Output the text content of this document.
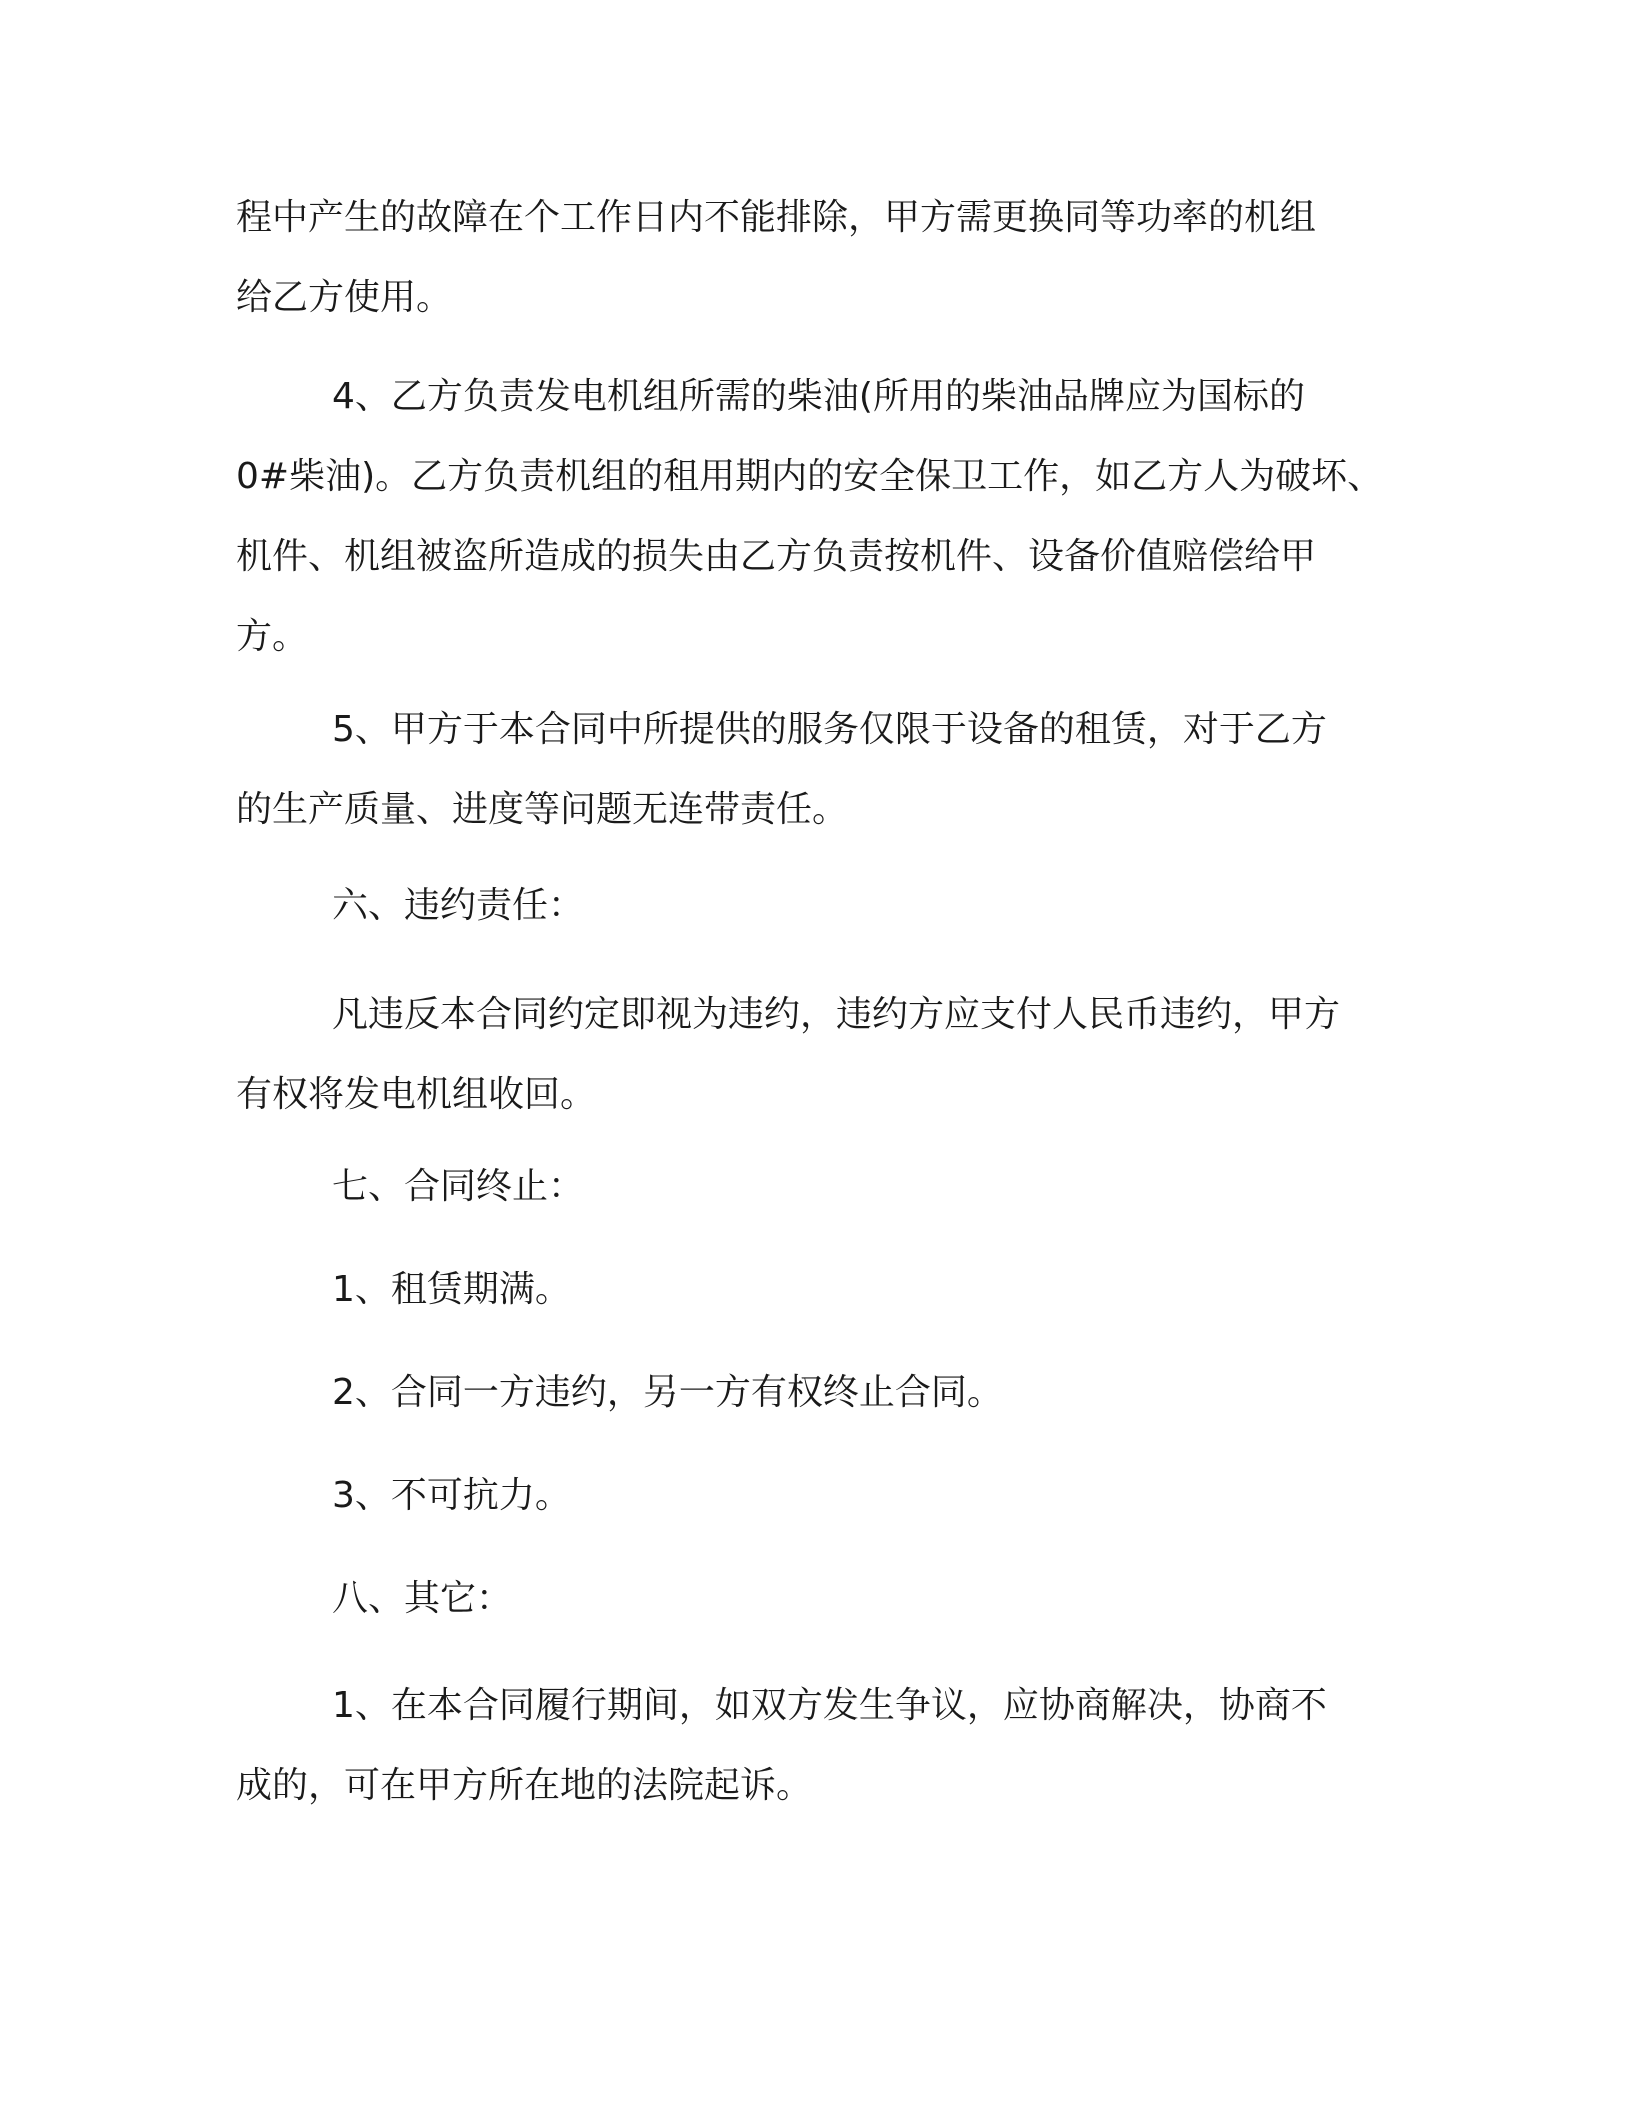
程中产生的故障在个工作日内不能排除，甲方需更换同等功率的机组
给乙方使用。

4、乙方负责发电机组所需的柴油(所用的柴油品牌应为国标的
0#柴油)。乙方负责机组的租用期内的安全保卫工作，如乙方人为破坏、
机件、机组被盗所造成的损失由乙方负责按机件、设备价值赔偿给甲
方。

5、甲方于本合同中所提供的服务仅限于设备的租赁，对于乙方
的生产质量、进度等问题无连带责任。

六、违约责任：

凡违反本合同约定即视为违约，违约方应支付人民币违约，甲方
有权将发电机组收回。

七、合同终止：

1、租赁期满。

2、合同一方违约，另一方有权终止合同。

3、不可抗力。

八、其它：

1、在本合同履行期间，如双方发生争议，应协商解决，协商不
成的，可在甲方所在地的法院起诉。
